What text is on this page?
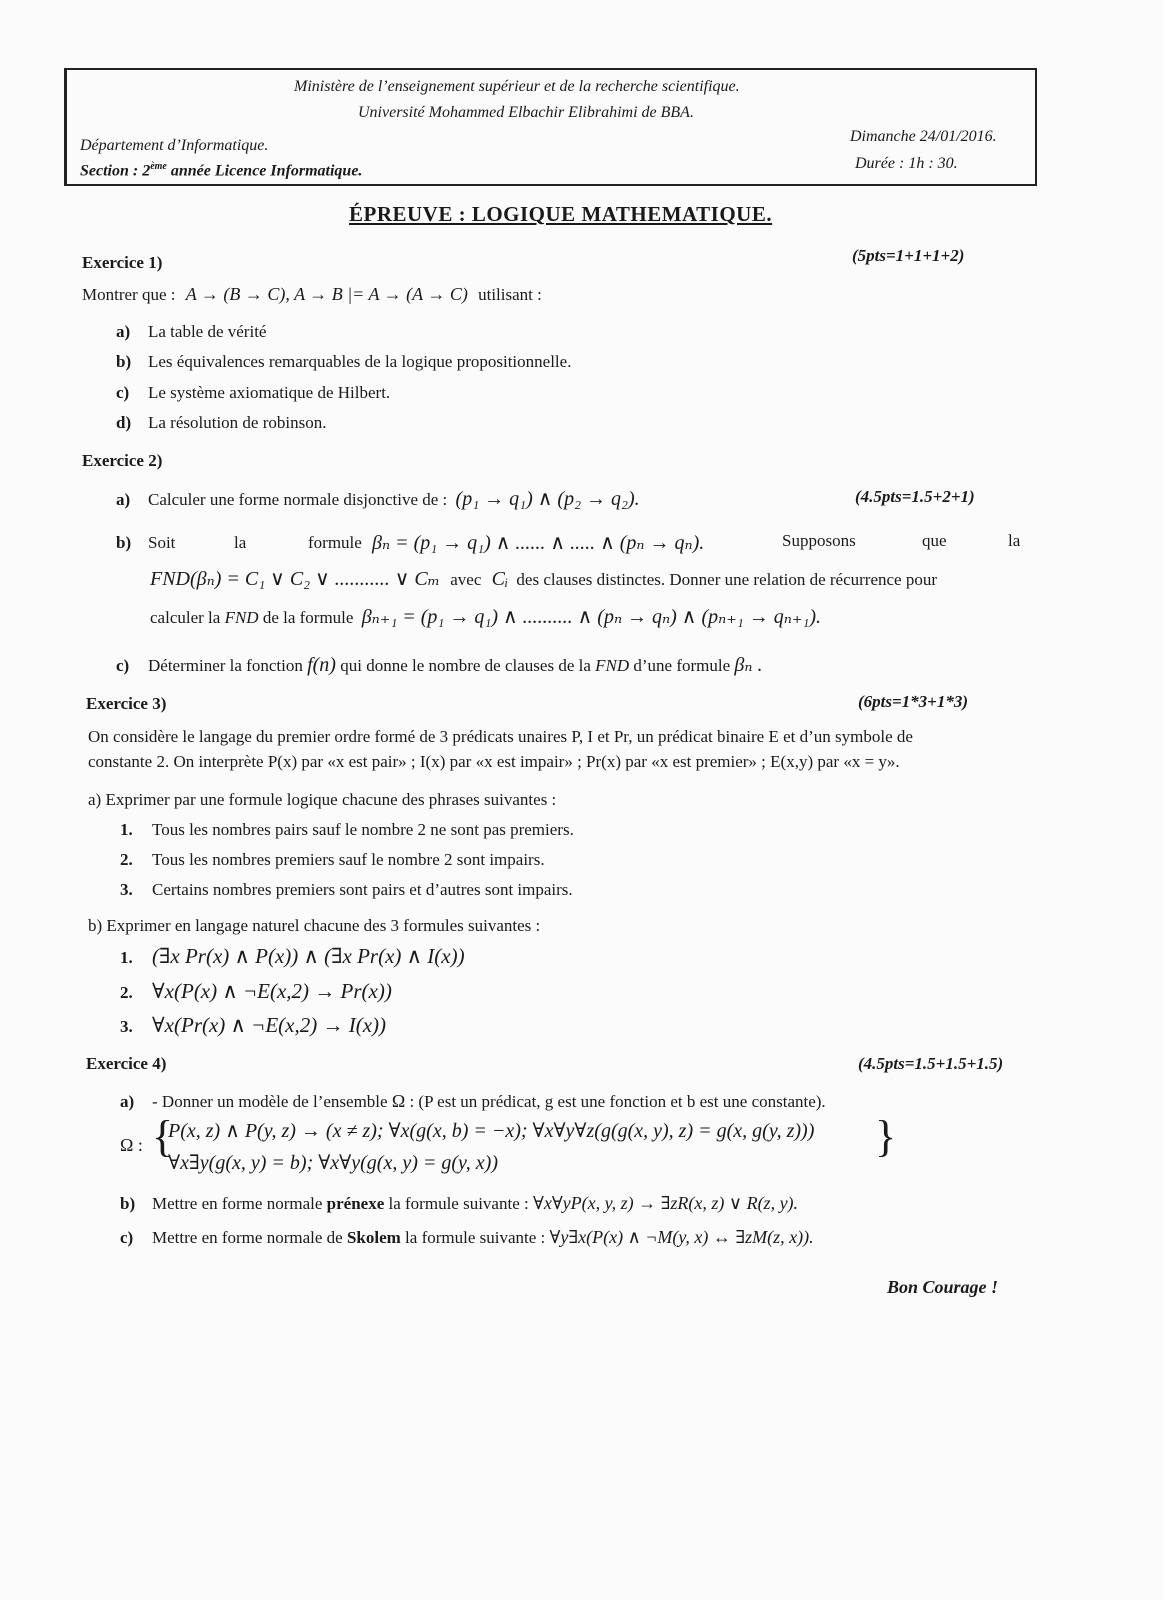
Ministère de l’enseignement supérieur et de la recherche scientifique.
Université Mohammed Elbachir Elibrahimi de BBA.
Département d’Informatique.
Section : 2ème année Licence Informatique.
Dimanche 24/01/2016.
Durée : 1h : 30.
ÉPREUVE : LOGIQUE MATHEMATIQUE.
Exercice 1)	(5pts=1+1+1+2)
Montrer que : A → (B → C), A → B |= A → (A → C) utilisant :
a) La table de vérité
b) Les équivalences remarquables de la logique propositionnelle.
c) Le système axiomatique de Hilbert.
d) La résolution de robinson.
Exercice 2)
a) Calculer une forme normale disjonctive de : (p₁ → q₁) ∧ (p₂ → q₂).	(4.5pts=1.5+2+1)
b) Soit	la	formule βₙ = (p₁ → q₁) ∧ ...... ∧ ..... ∧ (pₙ → qₙ).	Supposons	que	la
FND(βₙ) = C₁ ∨ C₂ ∨ ........... ∨ Cₘ avec Cᵢ des clauses distinctes. Donner une relation de récurrence pour
calculer la FND de la formule βₙ₊₁ = (p₁ → q₁) ∧ .......... ∧ (pₙ → qₙ) ∧ (pₙ₊₁ → qₙ₊₁).
c) Déterminer la fonction f(n) qui donne le nombre de clauses de la FND d’une formule βₙ .
Exercice 3)	(6pts=1*3+1*3)
On considère le langage du premier ordre formé de 3 prédicats unaires P, I et Pr, un prédicat binaire E et d’un symbole de
constante 2. On interprète P(x) par «x est pair» ; I(x) par «x est impair» ; Pr(x) par «x est premier» ; E(x,y) par «x = y».
a) Exprimer par une formule logique chacune des phrases suivantes :
1. Tous les nombres pairs sauf le nombre 2 ne sont pas premiers.
2. Tous les nombres premiers sauf le nombre 2 sont impairs.
3. Certains nombres premiers sont pairs et d’autres sont impairs.
b) Exprimer en langage naturel chacune des 3 formules suivantes :
1. (∃x Pr(x) ∧ P(x)) ∧ (∃x Pr(x) ∧ I(x))
2. ∀x(P(x) ∧ ¬E(x,2) → Pr(x))
3. ∀x(Pr(x) ∧ ¬E(x,2) → I(x))
Exercice 4)	(4.5pts=1.5+1.5+1.5)
a) - Donner un modèle de l’ensemble Ω : (P est un prédicat, g est une fonction et b est une constante).
Ω : {
P(x, z) ∧ P(y, z) → (x ≠ z); ∀x(g(x, b) = −x); ∀x∀y∀z(g(g(x, y), z) = g(x, g(y, z)))
∀x∃y(g(x, y) = b); ∀x∀y(g(x, y) = g(y, x))
}
b) Mettre en forme normale prénexe la formule suivante : ∀x∀yP(x, y, z) → ∃zR(x, z) ∨ R(z, y).
c) Mettre en forme normale de Skolem la formule suivante : ∀y∃x(P(x) ∧ ¬M(y, x) ↔ ∃zM(z, x)).
Bon Courage !
